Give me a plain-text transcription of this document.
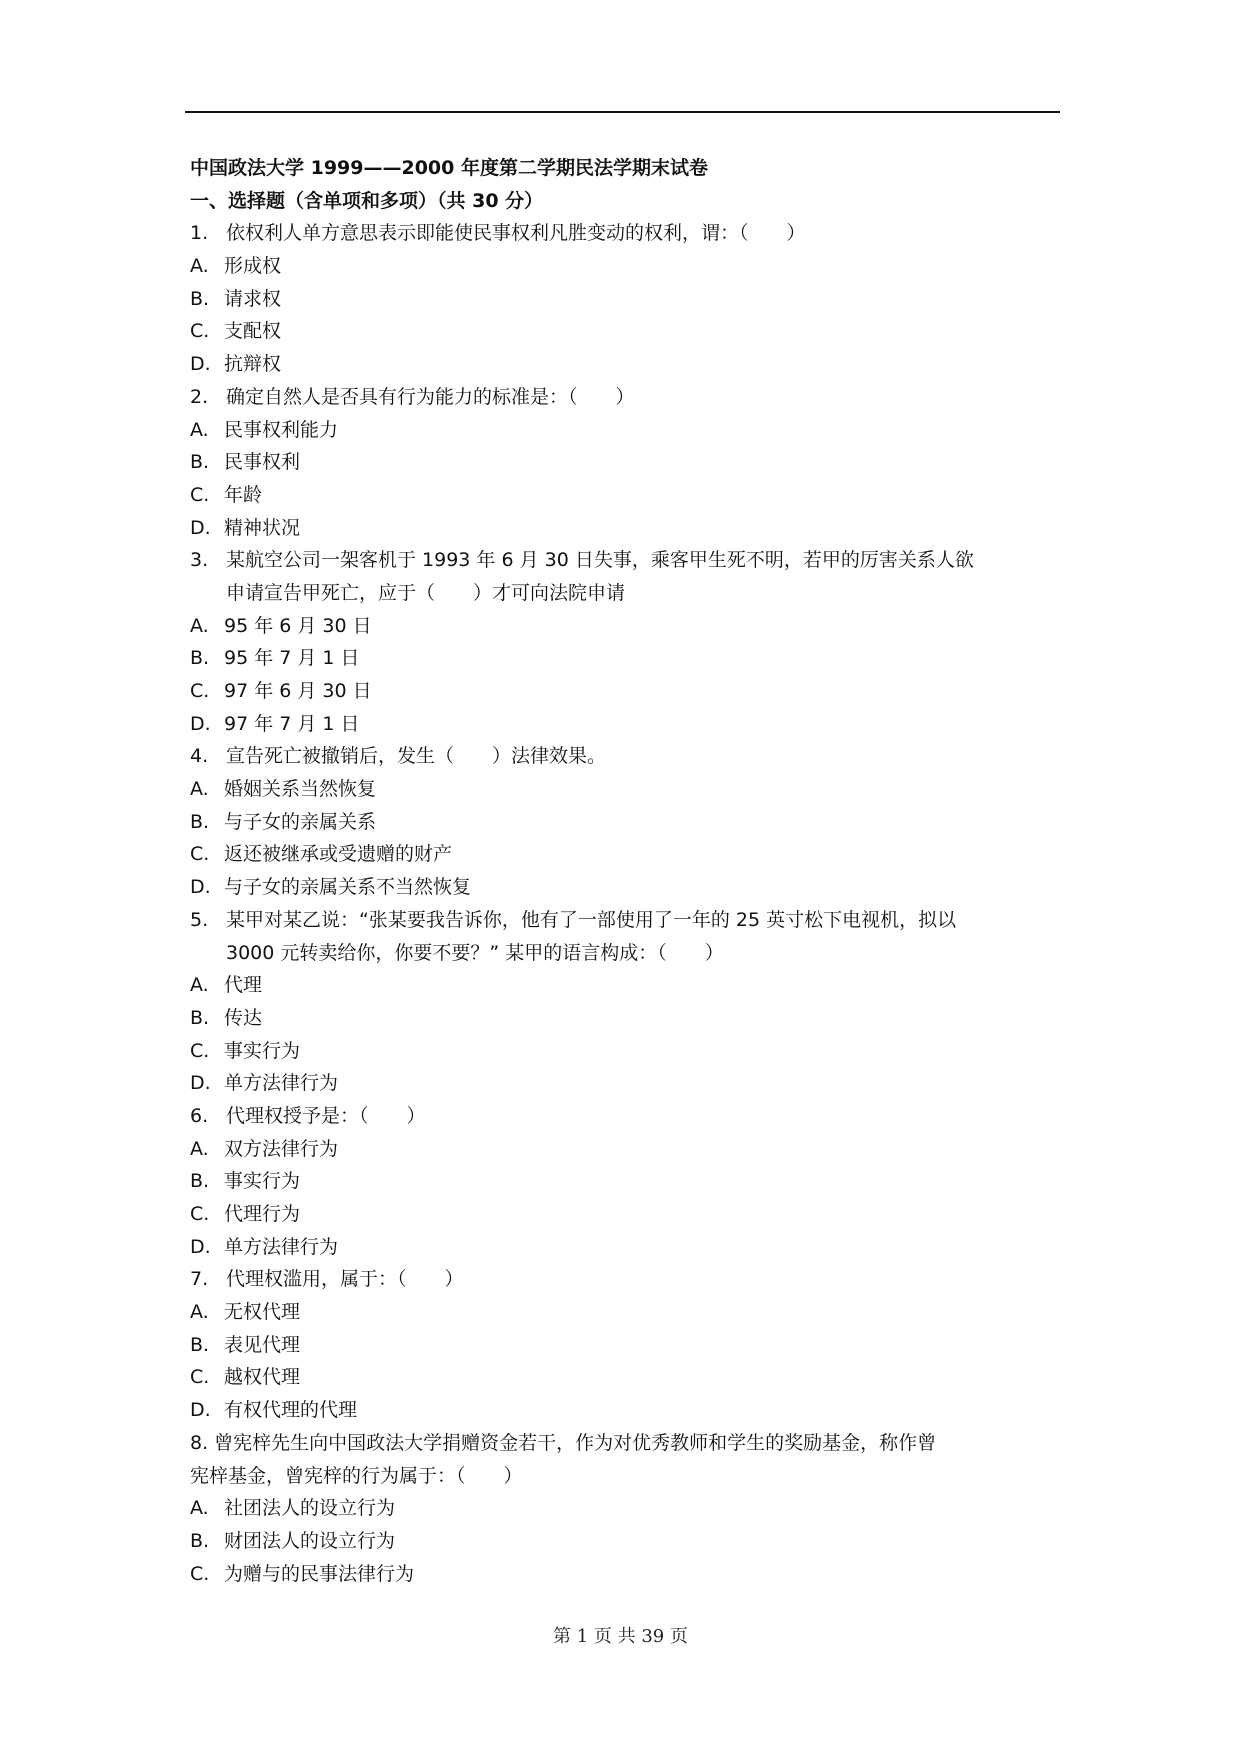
中国政法大学 1999——2000 年度第二学期民法学期末试卷
一、选择题（含单项和多项）（共 30 分）
1. 依权利人单方意思表示即能使民事权利凡胜变动的权利，谓：（　　）
A. 形成权
B. 请求权
C. 支配权
D. 抗辩权
2. 确定自然人是否具有行为能力的标准是：（　　）
A. 民事权利能力
B. 民事权利
C. 年龄
D. 精神状况
3. 某航空公司一架客机于 1993 年 6 月 30 日失事，乘客甲生死不明，若甲的厉害关系人欲
申请宣告甲死亡，应于（　　）才可向法院申请
A. 95 年 6 月 30 日
B. 95 年 7 月 1 日
C. 97 年 6 月 30 日
D. 97 年 7 月 1 日
4. 宣告死亡被撤销后，发生（　　）法律效果。
A. 婚姻关系当然恢复
B. 与子女的亲属关系
C. 返还被继承或受遗赠的财产
D. 与子女的亲属关系不当然恢复
5. 某甲对某乙说：“张某要我告诉你，他有了一部使用了一年的 25 英寸松下电视机，拟以
3000 元转卖给你，你要不要？” 某甲的语言构成：（　　）
A. 代理
B. 传达
C. 事实行为
D. 单方法律行为
6. 代理权授予是：（　　）
A. 双方法律行为
B. 事实行为
C. 代理行为
D. 单方法律行为
7. 代理权滥用，属于：（　　）
A. 无权代理
B. 表见代理
C. 越权代理
D. 有权代理的代理
8. 曾宪梓先生向中国政法大学捐赠资金若干，作为对优秀教师和学生的奖励基金，称作曾
宪梓基金，曾宪梓的行为属于：（　　）
A. 社团法人的设立行为
B. 财团法人的设立行为
C. 为赠与的民事法律行为
第 1 页 共 39 页
